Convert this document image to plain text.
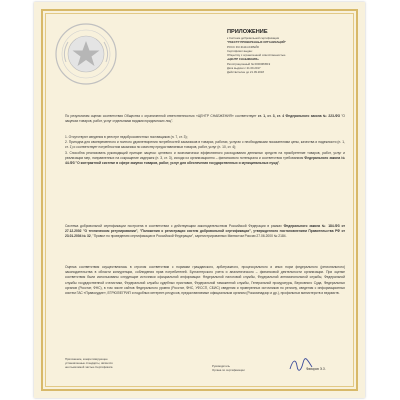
ПРИЛОЖЕНИЕ
к Системе добровольной сертификации
"РЕЕСТР ПРОВЕРЕННЫХ ОРГАНИЗАЦИЙ"
РОСС RU.31111.04РЕЙ0
Сертификат выдан:
Обществу с ограниченной ответственностью
«ЦЕНТР СНАБЖЕНИЯ»
Регистрационный № 0000084519
Дата выдачи с 21.09.2017
Действителен до 21.09.2018

По результатам оценки соответствия Общества с ограниченной ответственностью «ЦЕНТР СНАБЖЕНИЯ» соответствует ст. 1, ст. 3, ст. 4 Федерального закона № 223-ФЗ "О закупках товаров, работ, услуг отдельными видами юридических лиц".

1. Отсутствуют сведения в реестре недобросовестных поставщиков (п. 7, ст. 3);

2. Пригодна для своевременного и полного удовлетворения потребностей заказчиков в товарах, работах, услугах с необходимыми показателями цены, качества и надежности (п. 1, ст. 1) и соответствует потребностям заказчика по качеству предоставляемых товаров, работ, услуг (п. 10, ст. 4);

3. Способна реализовать руководящий принцип закупок: целевого и экономически эффективного расходования денежных средств на приобретение товаров, работ, услуг и реализации мер, направленных на сокращение издержек (п. 3, ст. 3), исходя из организационно – финансового потенциала и соответствия требованиям Федерального закона № 44-ФЗ "О контрактной системе в сфере закупок товаров, работ, услуг для обеспечения государственных и муниципальных нужд".

Система добровольной сертификации построена в соответствии с действующим законодательством Российской Федерации в рамках Федерального закона № 184-ФЗ от 27.12.2002 "О техническом регулировании", "Положения о регистрации систем добровольной сертификации", утвержденного постановлением Правительства РФ от 23.01.2004 № 32, "Правил по проведению сертификации в Российской Федерации", зарегистрированных Минюстом России 27.06.2000 № 2184.

Оценка соответствия осуществлялась в строгом соответствии с нормами гражданского, арбитражного, процессуального и иных норм федерального (регионального) законодательства в области конкуренции, соблюдения прав потребителей. Бухгалтерского учета и аналитического – финансовой деятельности организации. При оценке соответствия были использованы следующие источники официальной информации: Федеральной налоговой службы, Федеральной антимонопольной службы, Федеральной службы государственной статистики, Федеральной службы судебных приставов, Федеральной таможенной службы, Генеральной прокуратуры, Верховного Суда, Федеральных органов (Росстат, ФНС), в том числе сайтов Федерального уровня (Росстат, ФНС, УФССП, СБИС) сведения и проверенных источников по региону, сведения с информационных систем ГАС «Правосудие», ЕГРЮЛ/ЕГРИП и подобных интернет-ресурсов, предоставляемые официальным органом (Роскомнадзор и др.), профильных министерств и ведомств.

Приложение, конкретизирующее
установленные стандарты, является
неотъемлемой частью Сертификата	Руководитель
Органа по сертификации	Фаворов Э.З.
